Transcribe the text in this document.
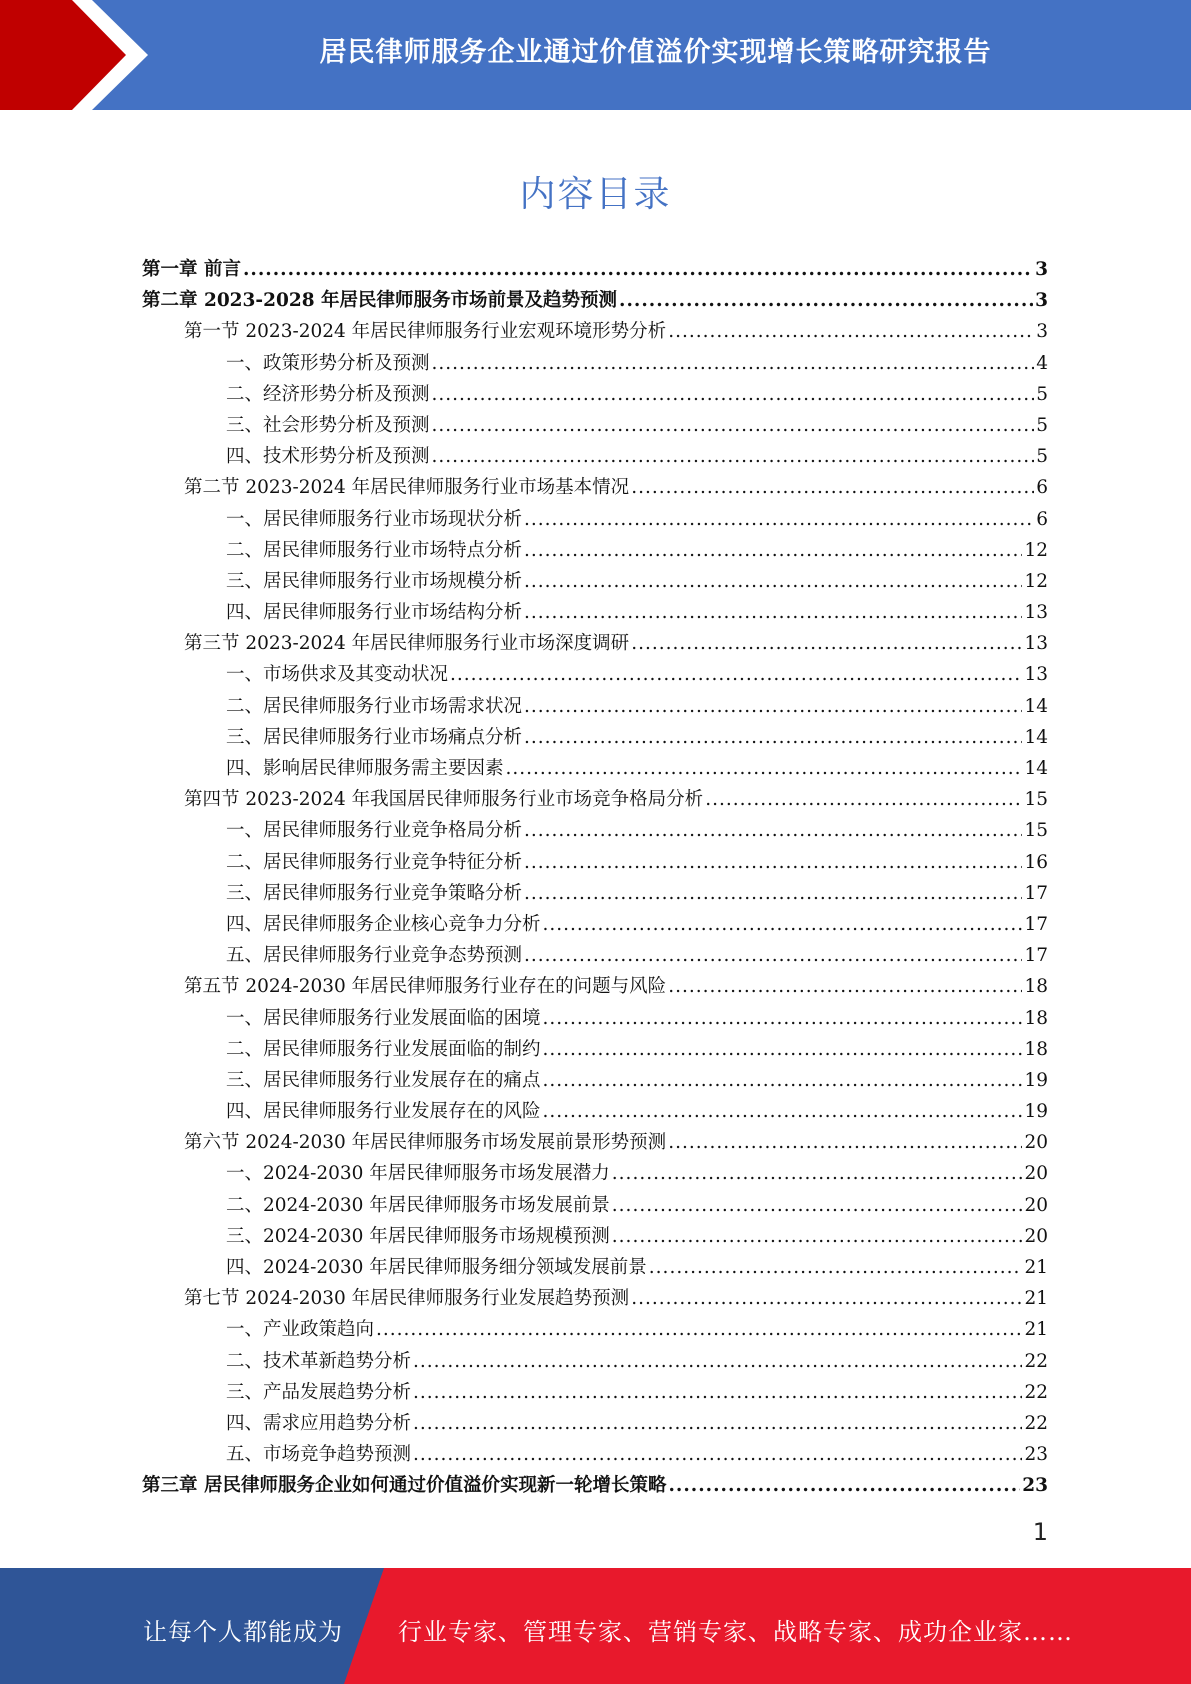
居民律师服务企业通过价值溢价实现增长策略研究报告
内容目录
第一章 前言 .....	3
第二章 2023-2028 年居民律师服务市场前景及趋势预测 .....	3
第一节 2023-2024 年居民律师服务行业宏观环境形势分析 .....	3
一、政策形势分析及预测 .....	4
二、经济形势分析及预测 .....	5
三、社会形势分析及预测 .....	5
四、技术形势分析及预测 .....	5
第二节 2023-2024 年居民律师服务行业市场基本情况 .....	6
一、居民律师服务行业市场现状分析 .....	6
二、居民律师服务行业市场特点分析 .....	12
三、居民律师服务行业市场规模分析 .....	12
四、居民律师服务行业市场结构分析 .....	13
第三节 2023-2024 年居民律师服务行业市场深度调研 .....	13
一、市场供求及其变动状况 .....	13
二、居民律师服务行业市场需求状况 .....	14
三、居民律师服务行业市场痛点分析 .....	14
四、影响居民律师服务需主要因素 .....	14
第四节 2023-2024 年我国居民律师服务行业市场竞争格局分析 .....	15
一、居民律师服务行业竞争格局分析 .....	15
二、居民律师服务行业竞争特征分析 .....	16
三、居民律师服务行业竞争策略分析 .....	17
四、居民律师服务企业核心竞争力分析 .....	17
五、居民律师服务行业竞争态势预测 .....	17
第五节 2024-2030 年居民律师服务行业存在的问题与风险 .....	18
一、居民律师服务行业发展面临的困境 .....	18
二、居民律师服务行业发展面临的制约 .....	18
三、居民律师服务行业发展存在的痛点 .....	19
四、居民律师服务行业发展存在的风险 .....	19
第六节 2024-2030 年居民律师服务市场发展前景形势预测 .....	20
一、2024-2030 年居民律师服务市场发展潜力 .....	20
二、2024-2030 年居民律师服务市场发展前景 .....	20
三、2024-2030 年居民律师服务市场规模预测 .....	20
四、2024-2030 年居民律师服务细分领域发展前景 .....	21
第七节 2024-2030 年居民律师服务行业发展趋势预测 .....	21
一、产业政策趋向 .....	21
二、技术革新趋势分析 .....	22
三、产品发展趋势分析 .....	22
四、需求应用趋势分析 .....	22
五、市场竞争趋势预测 .....	23
第三章 居民律师服务企业如何通过价值溢价实现新一轮增长策略 .....	23
1
让每个人都能成为 行业专家、管理专家、营销专家、战略专家、成功企业家……
